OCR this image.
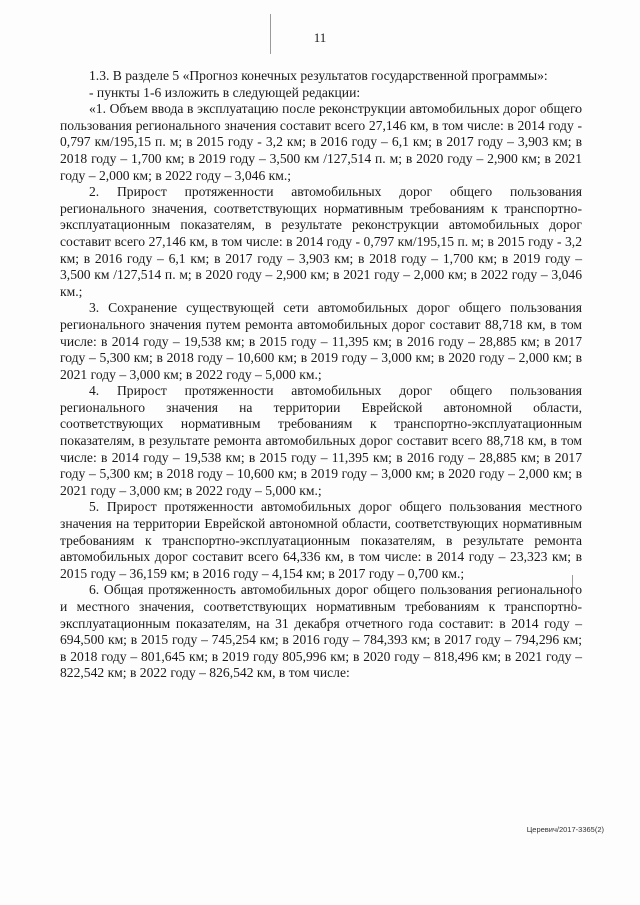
11

1.3. В разделе 5 «Прогноз конечных результатов государственной программы»:

- пункты 1-6 изложить в следующей редакции:

«1. Объем ввода в эксплуатацию после реконструкции автомобильных дорог общего пользования регионального значения составит всего 27,146 км, в том числе: в 2014 году - 0,797 км/195,15 п. м; в 2015 году - 3,2 км; в 2016 году – 6,1 км; в 2017 году – 3,903 км; в 2018 году – 1,700 км; в 2019 году – 3,500 км /127,514 п. м; в 2020 году – 2,900 км; в 2021 году – 2,000 км; в 2022 году – 3,046 км.;

2. Прирост протяженности автомобильных дорог общего пользования регионального значения, соответствующих нормативным требованиям к транспортно-эксплуатационным показателям, в результате реконструкции автомобильных дорог составит всего 27,146 км, в том числе: в 2014 году - 0,797 км/195,15 п. м; в 2015 году - 3,2 км; в 2016 году – 6,1 км; в 2017 году – 3,903 км; в 2018 году – 1,700 км; в 2019 году – 3,500 км /127,514 п. м; в 2020 году – 2,900 км; в 2021 году – 2,000 км; в 2022 году – 3,046 км.;

3. Сохранение существующей сети автомобильных дорог общего пользования регионального значения путем ремонта автомобильных дорог составит 88,718 км, в том числе: в 2014 году – 19,538 км; в 2015 году – 11,395 км; в 2016 году – 28,885 км; в 2017 году – 5,300 км; в 2018 году – 10,600 км; в 2019 году – 3,000 км; в 2020 году – 2,000 км; в 2021 году – 3,000 км; в 2022 году – 5,000 км.;

4. Прирост протяженности автомобильных дорог общего пользования регионального значения на территории Еврейской автономной области, соответствующих нормативным требованиям к транспортно-эксплуатационным показателям, в результате ремонта автомобильных дорог составит всего 88,718 км, в том числе: в 2014 году – 19,538 км; в 2015 году – 11,395 км; в 2016 году – 28,885 км; в 2017 году – 5,300 км; в 2018 году – 10,600 км; в 2019 году – 3,000 км; в 2020 году – 2,000 км; в 2021 году – 3,000 км; в 2022 году – 5,000 км.;

5. Прирост протяженности автомобильных дорог общего пользования местного значения на территории Еврейской автономной области, соответствующих нормативным требованиям к транспортно-эксплуатационным показателям, в результате ремонта автомобильных дорог составит всего 64,336 км, в том числе: в 2014 году – 23,323 км; в 2015 году – 36,159 км; в 2016 году – 4,154 км; в 2017 году – 0,700 км.;

6. Общая протяженность автомобильных дорог общего пользования регионального и местного значения, соответствующих нормативным требованиям к транспортно-эксплуатационным показателям, на 31 декабря отчетного года составит: в 2014 году – 694,500 км; в 2015 году – 745,254 км; в 2016 году – 784,393 км; в 2017 году – 794,296 км; в 2018 году – 801,645 км; в 2019 году 805,996 км; в 2020 году – 818,496 км; в 2021 году – 822,542 км; в 2022 году – 826,542 км, в том числе:

Церевич/2017-3365(2)
